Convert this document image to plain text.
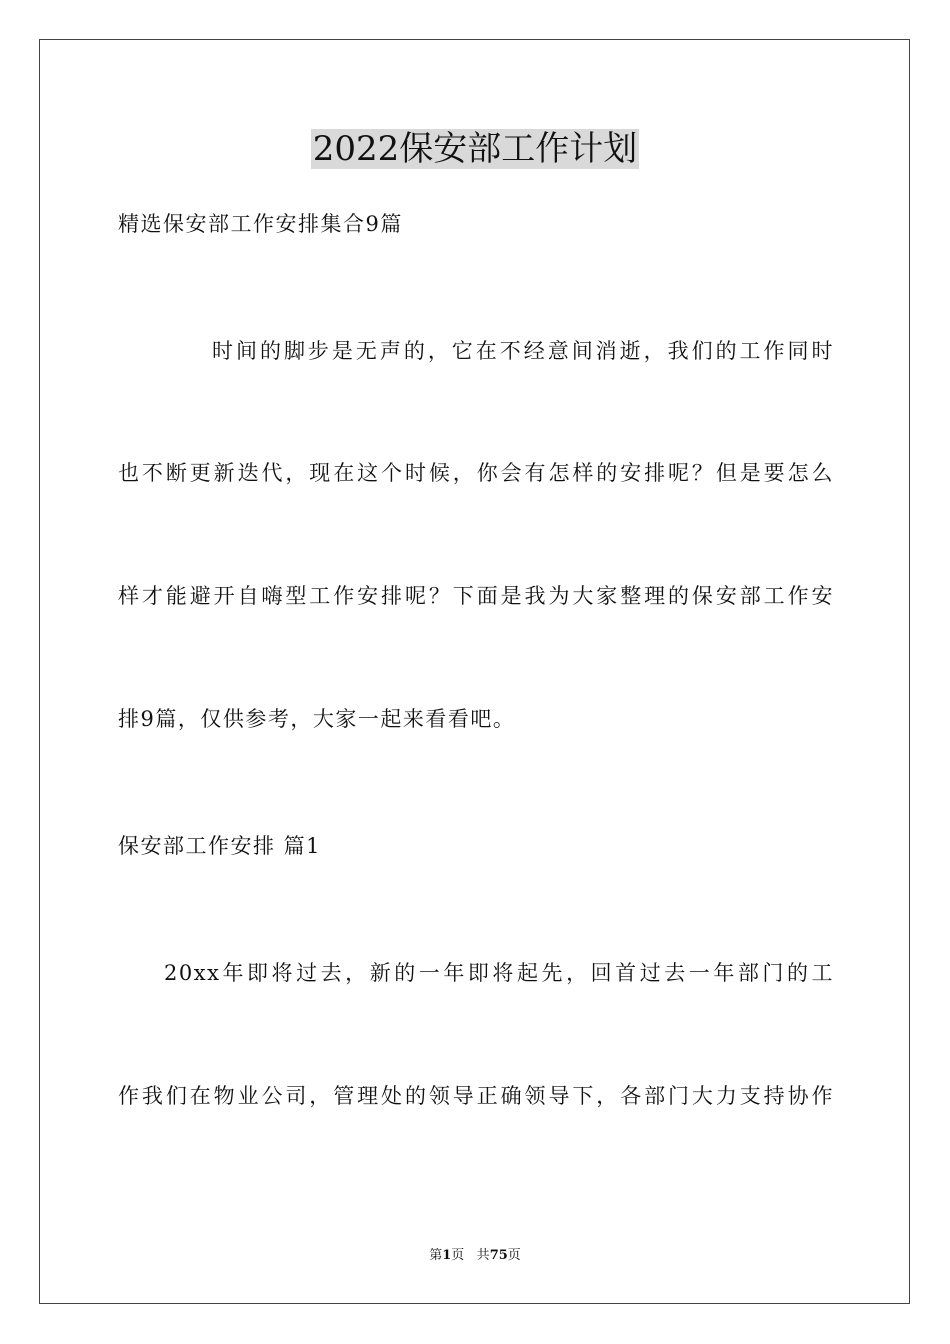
2022保安部工作计划
精选保安部工作安排集合9篇
时间的脚步是无声的，它在不经意间消逝，我们的工作同时
也不断更新迭代，现在这个时候，你会有怎样的安排呢？但是要怎么
样才能避开自嗨型工作安排呢？下面是我为大家整理的保安部工作安
排9篇，仅供参考，大家一起来看看吧。
保安部工作安排 篇1
20xx年即将过去，新的一年即将起先，回首过去一年部门的工
作我们在物业公司，管理处的领导正确领导下，各部门大力支持协作
第1页 共75页
